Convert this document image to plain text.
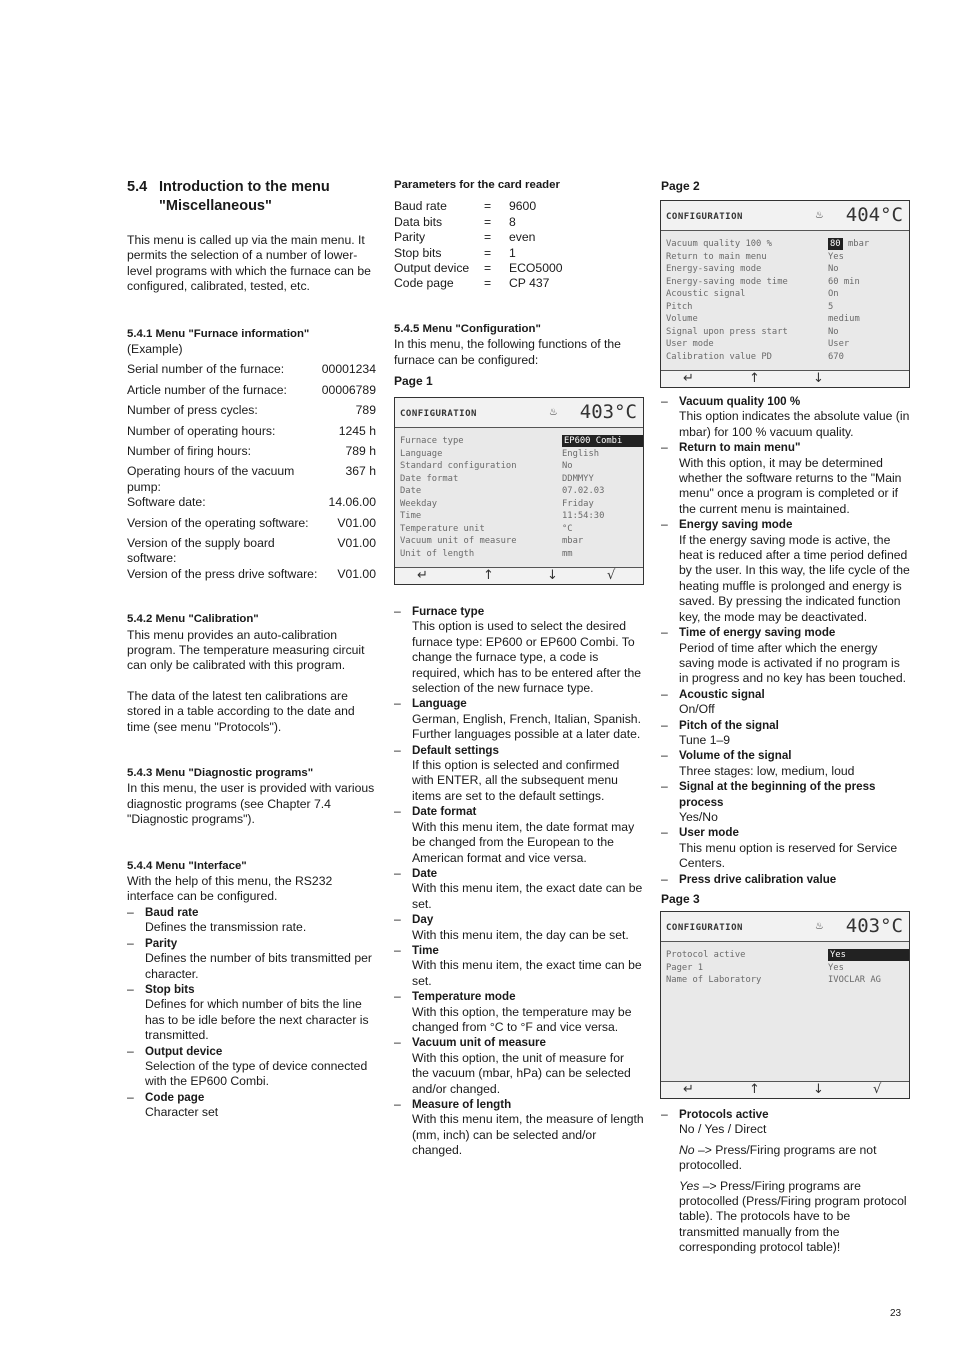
5.4 Introduction to the menu
"Miscellaneous"

This menu is called up via the main menu. It permits the selection of a number of lower-level programs with which the furnace can be configured, calibrated, tested, etc.

5.4.1 Menu "Furnace information"

(Example)

Serial number of the furnace:	00001234
Article number of the furnace:	00006789
Number of press cycles:	789
Number of operating hours:	1245 h
Number of firing hours:	789 h
Operating hours of the vacuum pump:	367 h
Software date:	14.06.00
Version of the operating software:	V01.00
Version of the supply board software:	V01.00
Version of the press drive software:	V01.00

5.4.2 Menu "Calibration"

This menu provides an auto-calibration program. The temperature measuring circuit can only be calibrated with this program.

The data of the latest ten calibrations are stored in a table according to the date and time (see menu "Protocols").

5.4.3 Menu "Diagnostic programs"

In this menu, the user is provided with various diagnostic programs (see Chapter 7.4 "Diagnostic programs").

5.4.4 Menu "Interface"

With the help of this menu, the RS232 interface can be configured.

– Baud rate
Defines the transmission rate.
– Parity
Defines the number of bits transmitted per character.
– Stop bits
Defines for which number of bits the line has to be idle before the next character is transmitted.
– Output device
Selection of the type of device connected with the EP600 Combi.
– Code page
Character set

Parameters for the card reader

Baud rate	=	9600
Data bits	=	8
Parity	=	even
Stop bits	=	1
Output device	=	ECO5000
Code page	=	CP 437

5.4.5 Menu "Configuration"

In this menu, the following functions of the furnace can be configured:

Page 1

– Furnace type
This option is used to select the desired furnace type: EP600 or EP600 Combi. To change the furnace type, a code is required, which has to be entered after the selection of the new furnace type.
– Language
German, English, French, Italian, Spanish. Further languages possible at a later date.
– Default settings
If this option is selected and confirmed with ENTER, all the subsequent menu items are set to the default settings.
– Date format
With this menu item, the date format may be changed from the European to the American format and vice versa.
– Date
With this menu item, the exact date can be set.
– Day
With this menu item, the day can be set.
– Time
With this menu item, the exact time can be set.
– Temperature mode
With this option, the temperature may be changed from °C to °F and vice versa.
– Vacuum unit of measure
With this option, the unit of measure for the vacuum (mbar, hPa) can be selected and/or changed.
– Measure of length
With this menu item, the measure of length (mm, inch) can be selected and/or changed.

Page 2

– Vacuum quality 100 %
This option indicates the absolute value (in mbar) for 100 % vacuum quality.
– Return to main menu"
With this option, it may be determined whether the software returns to the "Main menu" once a program is completed or if the current menu is maintained.
– Energy saving mode
If the energy saving mode is active, the heat is reduced after a time period defined by the user. In this way, the life cycle of the heating muffle is prolonged and energy is saved. By pressing the indicated function key, the mode may be deactivated.
– Time of energy saving mode
Period of time after which the energy saving mode is activated if no program is in progress and no key has been touched.
– Acoustic signal
On/Off
– Pitch of the signal
Tune 1–9
– Volume of the signal
Three stages: low, medium, loud
– Signal at the beginning of the press process
Yes/No
– User mode
This menu option is reserved for Service Centers.
– Press drive calibration value

Page 3

– Protocols active
No / Yes / Direct

No –> Press/Firing programs are not protocolled.

Yes –> Press/Firing programs are protocolled (Press/Firing program protocol table). The protocols have to be transmitted manually from the corresponding protocol table)!

CONFIGURATION	♨ 403°C
Furnace type	EP600 Combi
Language	English
Standard configuration	No
Date format	DDMMYY
Date	07.02.03
Weekday	Friday
Time	11:54:30
Temperature unit	°C
Vacuum unit of measure	mbar
Unit of length	mm
↵	↑	↓	√
CONFIGURATION	♨ 404°C
Vacuum quality 100 %	80 mbar
Return to main menu	Yes
Energy-saving mode	No
Energy-saving mode time	60 min
Acoustic signal	On
Pitch	5
Volume	medium
Signal upon press start	No
User mode	User
Calibration value PD	670
↵	↑	↓
CONFIGURATION	♨ 403°C
Protocol active	Yes
Pager 1	Yes
Name of Laboratory	IVOCLAR AG
↵	↑	↓	√
23
